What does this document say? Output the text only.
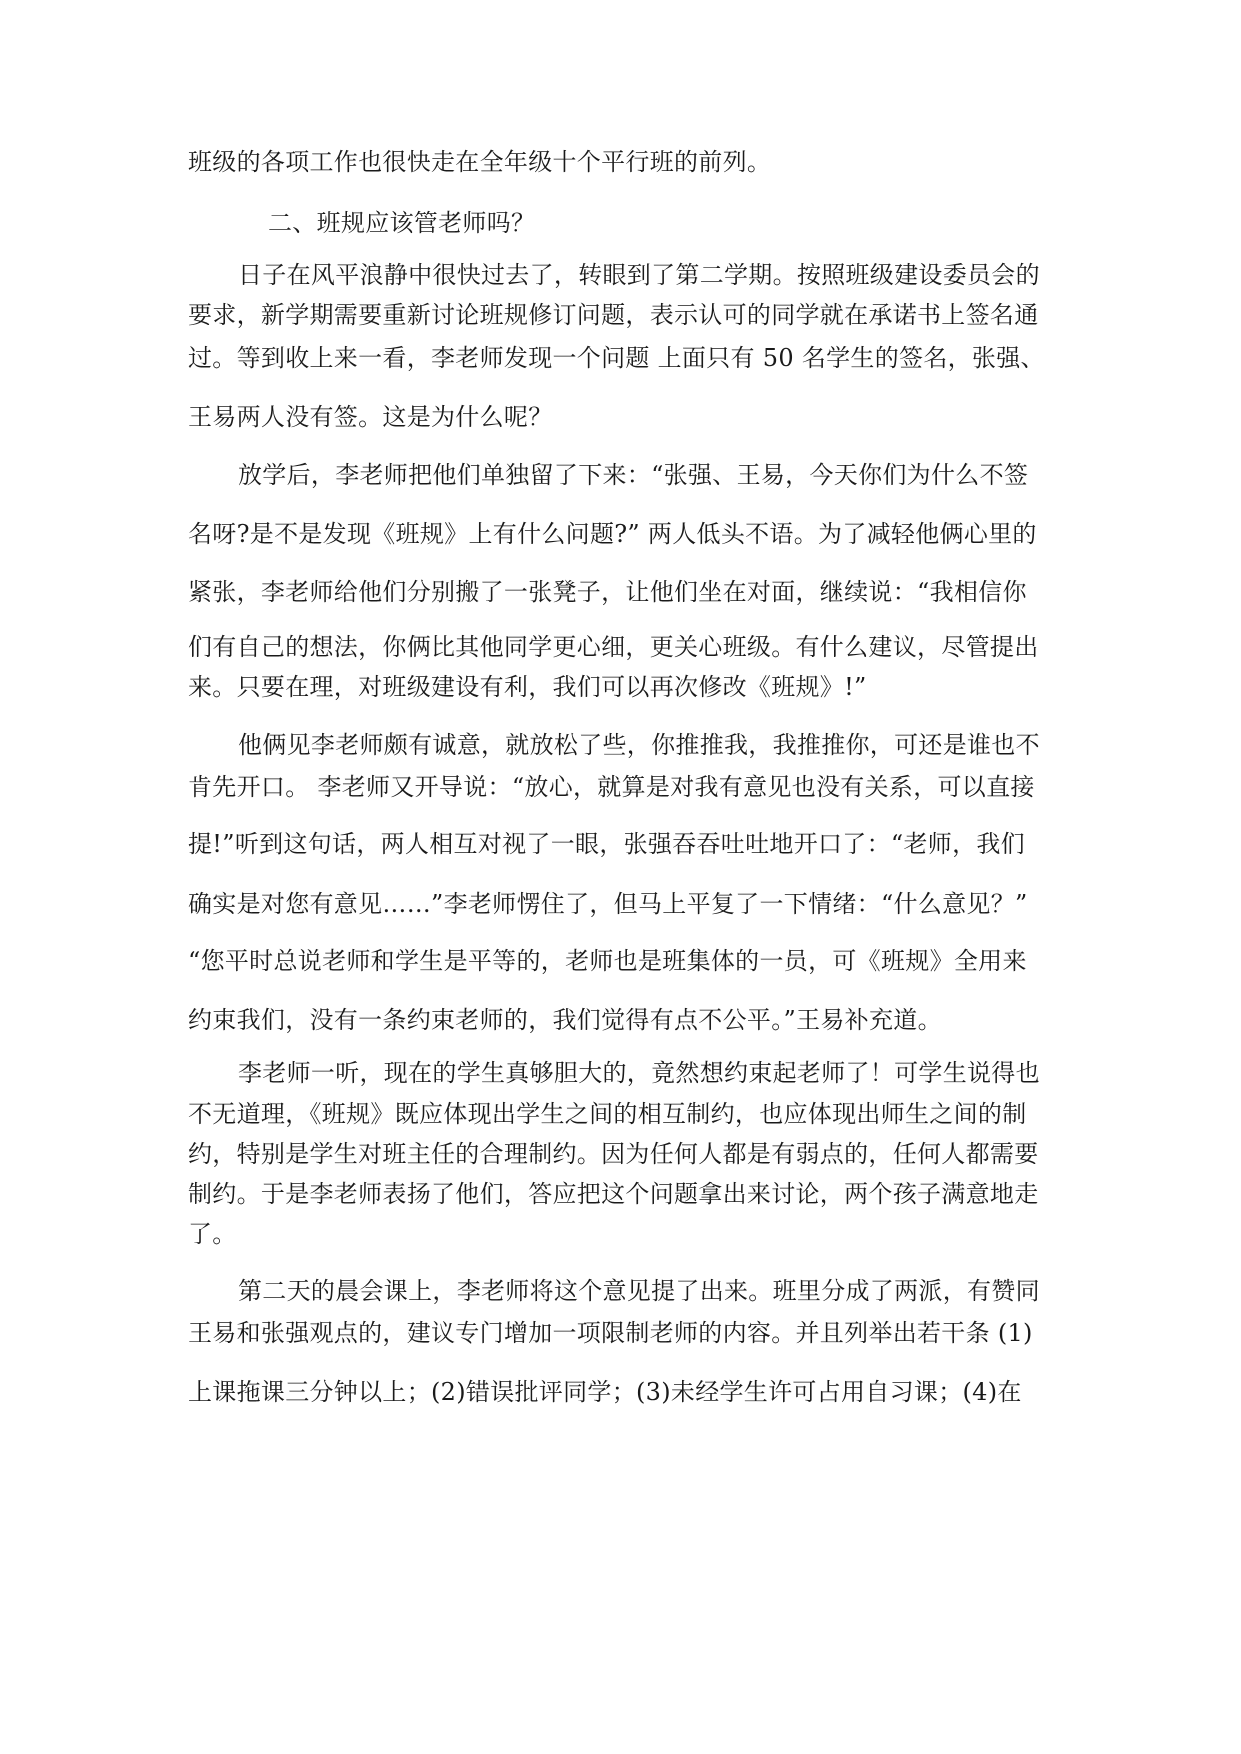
班级的各项工作也很快走在全年级十个平行班的前列。

二、班规应该管老师吗？

日子在风平浪静中很快过去了，转眼到了第二学期。按照班级建设委员会的

要求，新学期需要重新讨论班规修订问题，表示认可的同学就在承诺书上签名通

过。等到收上来一看，李老师发现一个问题 上面只有 50 名学生的签名，张强、

王易两人没有签。这是为什么呢？

放学后，李老师把他们单独留了下来：“张强、王易，今天你们为什么不签

名呀?是不是发现《班规》上有什么问题?” 两人低头不语。为了减轻他俩心里的

紧张，李老师给他们分别搬了一张凳子，让他们坐在对面，继续说：“我相信你

们有自己的想法，你俩比其他同学更心细，更关心班级。有什么建议，尽管提出

来。只要在理，对班级建设有利，我们可以再次修改《班规》!”

他俩见李老师颇有诚意，就放松了些，你推推我，我推推你，可还是谁也不

肯先开口。 李老师又开导说：“放心，就算是对我有意见也没有关系，可以直接

提!”听到这句话，两人相互对视了一眼，张强吞吞吐吐地开口了：“老师，我们

确实是对您有意见……”李老师愣住了，但马上平复了一下情绪：“什么意见？”

“您平时总说老师和学生是平等的，老师也是班集体的一员，可《班规》全用来

约束我们，没有一条约束老师的，我们觉得有点不公平。”王易补充道。

李老师一听，现在的学生真够胆大的，竟然想约束起老师了！可学生说得也

不无道理，《班规》既应体现出学生之间的相互制约，也应体现出师生之间的制

约，特别是学生对班主任的合理制约。因为任何人都是有弱点的，任何人都需要

制约。于是李老师表扬了他们，答应把这个问题拿出来讨论，两个孩子满意地走

了。

第二天的晨会课上，李老师将这个意见提了出来。班里分成了两派，有赞同

王易和张强观点的，建议专门增加一项限制老师的内容。并且列举出若干条 (1)

上课拖课三分钟以上；(2)错误批评同学；(3)未经学生许可占用自习课；(4)在
